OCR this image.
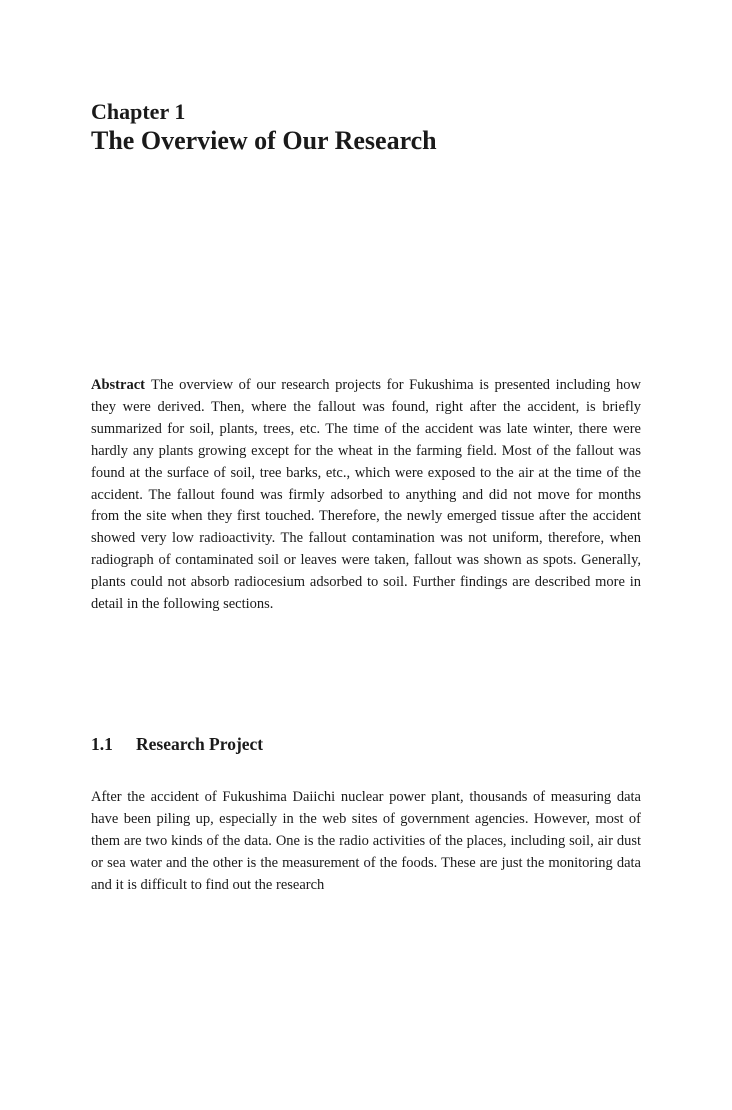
Chapter 1
The Overview of Our Research

Abstract The overview of our research projects for Fukushima is presented including how they were derived. Then, where the fallout was found, right after the accident, is briefly summarized for soil, plants, trees, etc. The time of the accident was late winter, there were hardly any plants growing except for the wheat in the farming field. Most of the fallout was found at the surface of soil, tree barks, etc., which were exposed to the air at the time of the accident. The fallout found was firmly adsorbed to anything and did not move for months from the site when they first touched. Therefore, the newly emerged tissue after the accident showed very low radioactivity. The fallout contamination was not uniform, therefore, when radiograph of contaminated soil or leaves were taken, fallout was shown as spots. Generally, plants could not absorb radiocesium adsorbed to soil. Further findings are described more in detail in the following sections.

1.1 Research Project

After the accident of Fukushima Daiichi nuclear power plant, thousands of measuring data have been piling up, especially in the web sites of government agencies. However, most of them are two kinds of the data. One is the radio activities of the places, including soil, air dust or sea water and the other is the measurement of the foods. These are just the monitoring data and it is difficult to find out the research
